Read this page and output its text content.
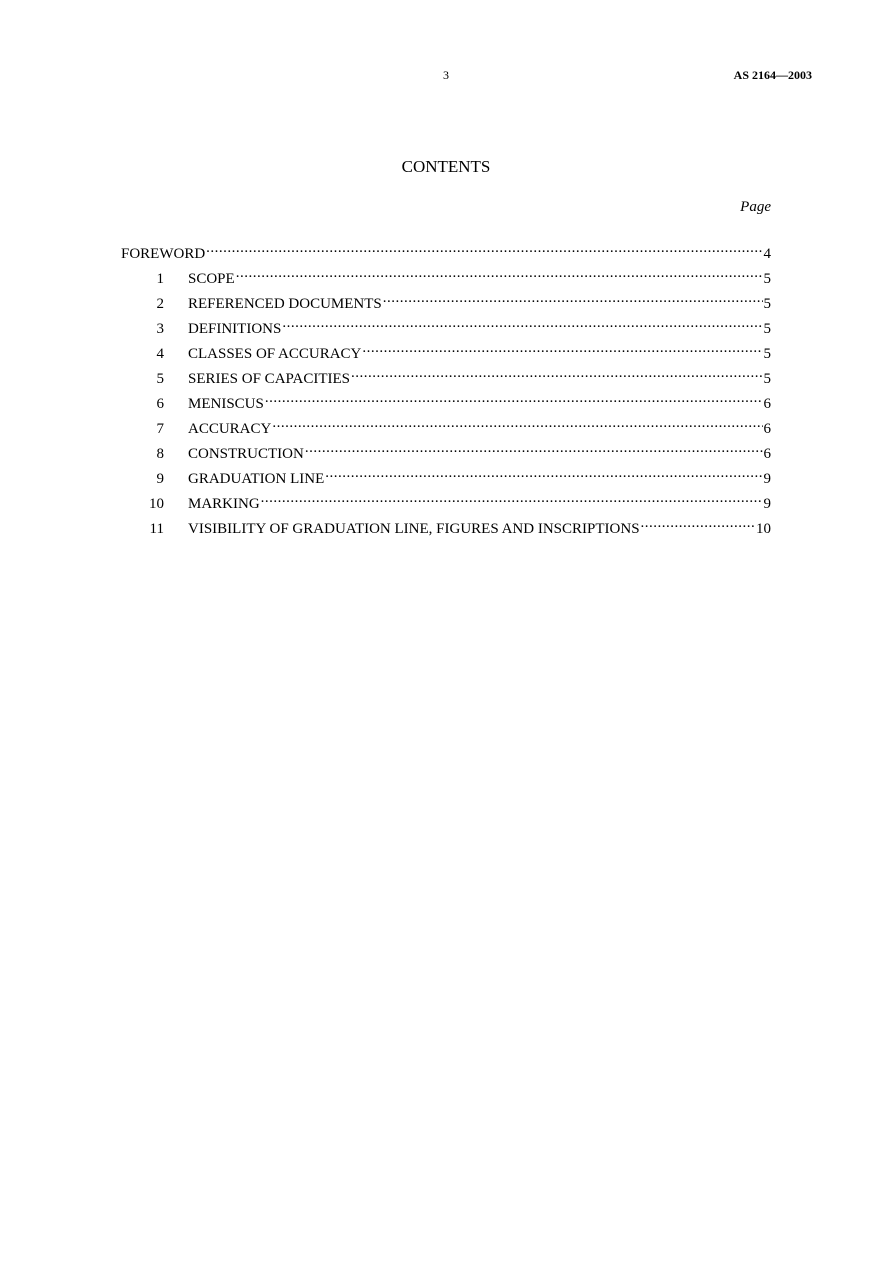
3	AS 2164—2003
CONTENTS
Page
FOREWORD .....	4
1 SCOPE .....	5
2 REFERENCED DOCUMENTS .....	5
3 DEFINITIONS .....	5
4 CLASSES OF ACCURACY .....	5
5 SERIES OF CAPACITIES .....	5
6 MENISCUS .....	6
7 ACCURACY .....	6
8 CONSTRUCTION .....	6
9 GRADUATION LINE .....	9
10 MARKING .....	9
11 VISIBILITY OF GRADUATION LINE, FIGURES AND INSCRIPTIONS .....	10
